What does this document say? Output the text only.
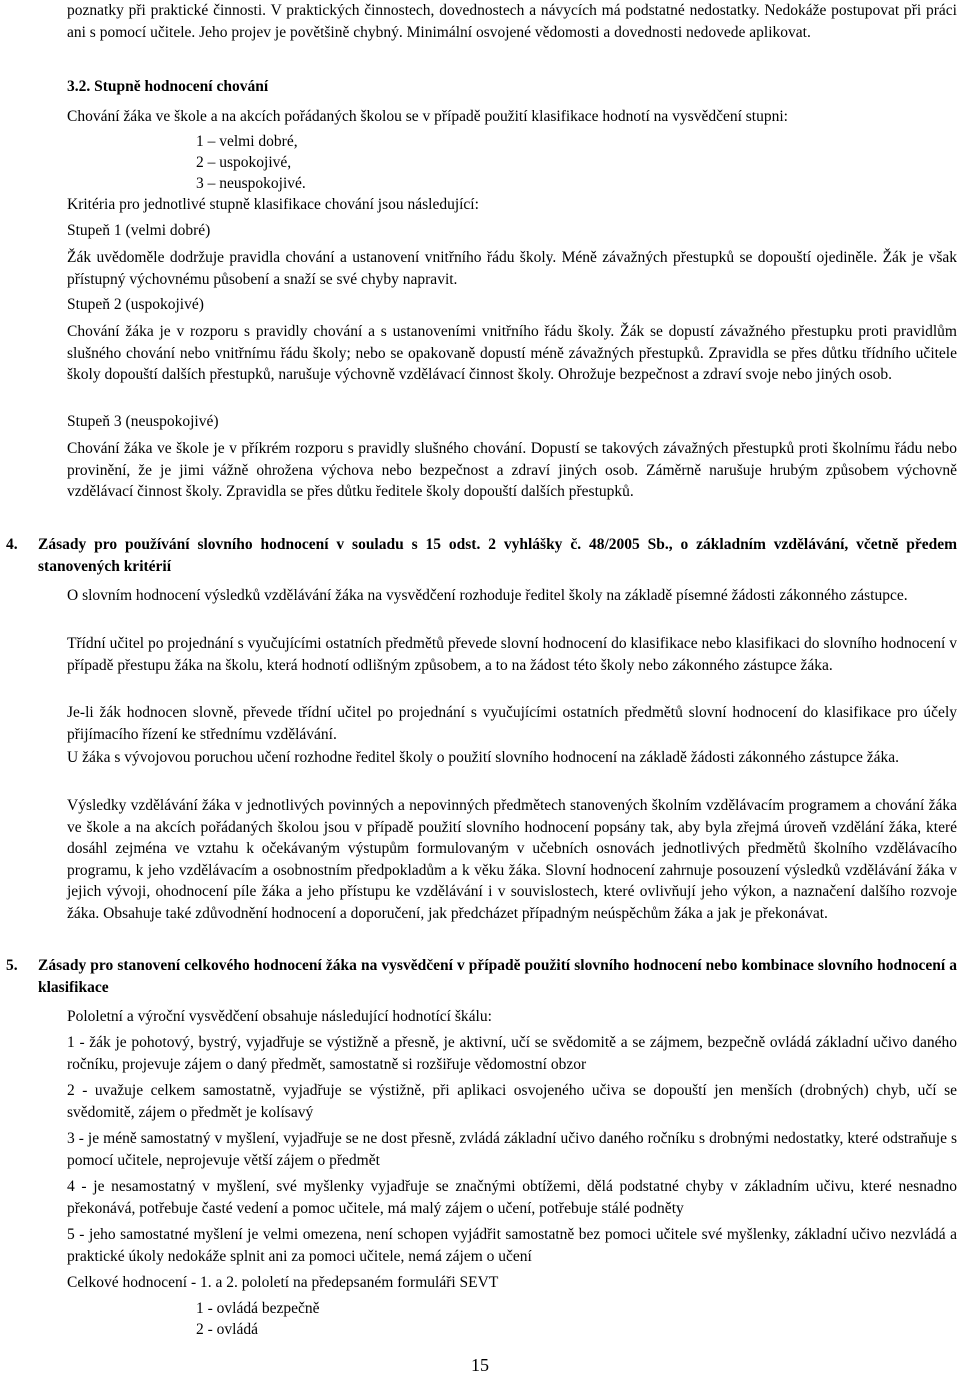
poznatky při praktické činnosti. V praktických činnostech, dovednostech a návycích má podstatné nedostatky. Nedokáže postupovat při práci ani s pomocí učitele. Jeho projev je povětšině chybný. Minimální osvojené vědomosti a dovednosti nedovede aplikovat.

3.2. Stupně hodnocení chování

Chování žáka ve škole a na akcích pořádaných školou se v případě použití klasifikace hodnotí na vysvědčení stupni:

1 – velmi dobré,
2 – uspokojivé,
3 – neuspokojivé.
Kritéria pro jednotlivé stupně klasifikace chování jsou následující:
Stupeň 1 (velmi dobré)

Žák uvědoměle dodržuje pravidla chování a ustanovení vnitřního řádu školy. Méně závažných přestupků se dopouští ojediněle. Žák je však přístupný výchovnému působení a snaží se své chyby napravit.

Stupeň 2 (uspokojivé)

Chování žáka je v rozporu s pravidly chování a s ustanoveními vnitřního řádu školy. Žák se dopustí závažného přestupku proti pravidlům slušného chování nebo vnitřnímu řádu školy; nebo se opakovaně dopustí méně závažných přestupků. Zpravidla se přes důtku třídního učitele školy dopouští dalších přestupků, narušuje výchovně vzdělávací činnost školy. Ohrožuje bezpečnost a zdraví svoje nebo jiných osob.

Stupeň 3 (neuspokojivé)

Chování žáka ve škole je v příkrém rozporu s pravidly slušného chování. Dopustí se takových závažných přestupků proti školnímu řádu nebo provinění, že je jimi vážně ohrožena výchova nebo bezpečnost a zdraví jiných osob. Záměrně narušuje hrubým způsobem výchovně vzdělávací činnost školy. Zpravidla se přes důtku ředitele školy dopouští dalších přestupků.

4. Zásady pro používání slovního hodnocení v souladu s 15 odst. 2 vyhlášky č. 48/2005 Sb., o základním vzdělávání, včetně předem stanovených kritérií

O slovním hodnocení výsledků vzdělávání žáka na vysvědčení rozhoduje ředitel školy na základě písemné žádosti zákonného zástupce.

Třídní učitel po projednání s vyučujícími ostatních předmětů převede slovní hodnocení do klasifikace nebo klasifikaci do slovního hodnocení v případě přestupu žáka na školu, která hodnotí odlišným způsobem, a to na žádost této školy nebo zákonného zástupce žáka.

Je-li žák hodnocen slovně, převede třídní učitel po projednání s vyučujícími ostatních předmětů slovní hodnocení do klasifikace pro účely přijímacího řízení ke střednímu vzdělávání.

U žáka s vývojovou poruchou učení rozhodne ředitel školy o použití slovního hodnocení na základě žádosti zákonného zástupce žáka.

Výsledky vzdělávání žáka v jednotlivých povinných a nepovinných předmětech stanovených školním vzdělávacím programem a chování žáka ve škole a na akcích pořádaných školou jsou v případě použití slovního hodnocení popsány tak, aby byla zřejmá úroveň vzdělání žáka, které dosáhl zejména ve vztahu k očekávaným výstupům formulovaným v učebních osnovách jednotlivých předmětů školního vzdělávacího programu, k jeho vzdělávacím a osobnostním předpokladům a k věku žáka. Slovní hodnocení zahrnuje posouzení výsledků vzdělávání žáka v jejich vývoji, ohodnocení píle žáka a jeho přístupu ke vzdělávání i v souvislostech, které ovlivňují jeho výkon, a naznačení dalšího rozvoje žáka. Obsahuje také zdůvodnění hodnocení a doporučení, jak předcházet případným neúspěchům žáka a jak je překonávat.

5. Zásady pro stanovení celkového hodnocení žáka na vysvědčení v případě použití slovního hodnocení nebo kombinace slovního hodnocení a klasifikace

Pololetní a výroční vysvědčení obsahuje následující hodnotící škálu:

1 - žák je pohotový, bystrý, vyjadřuje se výstižně a přesně, je aktivní, učí se svědomitě a se zájmem, bezpečně ovládá základní učivo daného ročníku, projevuje zájem o daný předmět, samostatně si rozšiřuje vědomostní obzor

2 - uvažuje celkem samostatně, vyjadřuje se výstižně, při aplikaci osvojeného učiva se dopouští jen menších (drobných) chyb, učí se svědomitě, zájem o předmět je kolísavý

3 - je méně samostatný v myšlení, vyjadřuje se ne dost přesně, zvládá základní učivo daného ročníku s drobnými nedostatky, které odstraňuje s pomocí učitele, neprojevuje větší zájem o předmět

4 - je nesamostatný v myšlení, své myšlenky vyjadřuje se značnými obtížemi, dělá podstatné chyby v základním učivu, které nesnadno překonává, potřebuje časté vedení a pomoc učitele, má malý zájem o učení, potřebuje stálé podněty

5 - jeho samostatné myšlení je velmi omezena, není schopen vyjádřit samostatně bez pomoci učitele své myšlenky, základní učivo nezvládá a praktické úkoly nedokáže splnit ani za pomoci učitele, nemá zájem o učení

Celkové hodnocení - 1. a 2. pololetí na předepsaném formuláři SEVT
1 - ovládá bezpečně
2 - ovládá
15
